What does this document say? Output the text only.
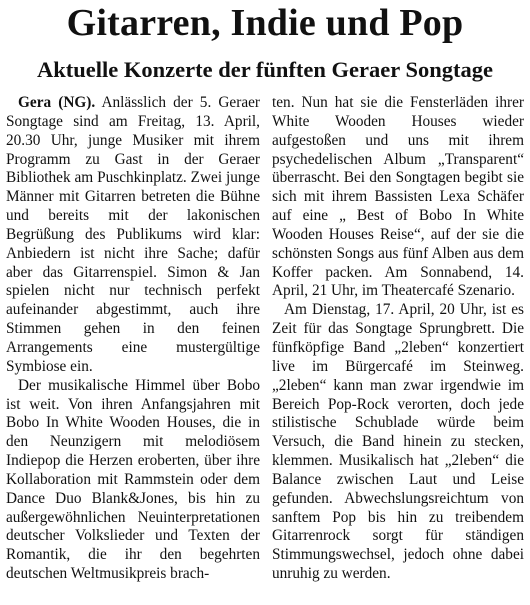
Gitarren, Indie und Pop
Aktuelle Konzerte der fünften Geraer Songtage

Gera (NG). Anlässlich der 5. Geraer Songtage sind am Freitag, 13. April, 20.30 Uhr, junge Musiker mit ihrem Programm zu Gast in der Geraer Bibliothek am Puschkinplatz. Zwei junge Männer mit Gitarren betreten die Bühne und bereits mit der lakonischen Begrüßung des Publikums wird klar: Anbiedern ist nicht ihre Sache; dafür aber das Gitarrenspiel. Simon & Jan spielen nicht nur technisch perfekt aufeinander abgestimmt, auch ihre Stimmen gehen in den feinen Arrangements eine mustergültige Symbiose ein.

Der musikalische Himmel über Bobo ist weit. Von ihren Anfangsjahren mit Bobo In White Wooden Houses, die in den Neunzigern mit melodiösem Indiepop die Herzen eroberten, über ihre Kollaboration mit Rammstein oder dem Dance Duo Blank&Jones, bis hin zu außergewöhnlichen Neuinterpretationen deutscher Volkslieder und Texten der Romantik, die ihr den begehrten deutschen Weltmusikpreis brach-

ten. Nun hat sie die Fensterläden ihrer White Wooden Houses wieder aufgestoßen und uns mit ihrem psychedelischen Album „Transparent“ überrascht. Bei den Songtagen begibt sie sich mit ihrem Bassisten Lexa Schäfer auf eine „ Best of Bobo In White Wooden Houses Reise“, auf der sie die schönsten Songs aus fünf Alben aus dem Koffer packen. Am Sonnabend, 14. April, 21 Uhr, im Theatercafé Szenario.

Am Dienstag, 17. April, 20 Uhr, ist es Zeit für das Songtage Sprungbrett. Die fünfköpfige Band „2leben“ konzertiert live im Bürgercafé im Steinweg. „2leben“ kann man zwar irgendwie im Bereich Pop-Rock verorten, doch jede stilistische Schublade würde beim Versuch, die Band hinein zu stecken, klemmen. Musikalisch hat „2leben“ die Balance zwischen Laut und Leise gefunden. Abwechslungsreichtum von sanftem Pop bis hin zu treibendem Gitarrenrock sorgt für ständigen Stimmungswechsel, jedoch ohne dabei unruhig zu werden.
